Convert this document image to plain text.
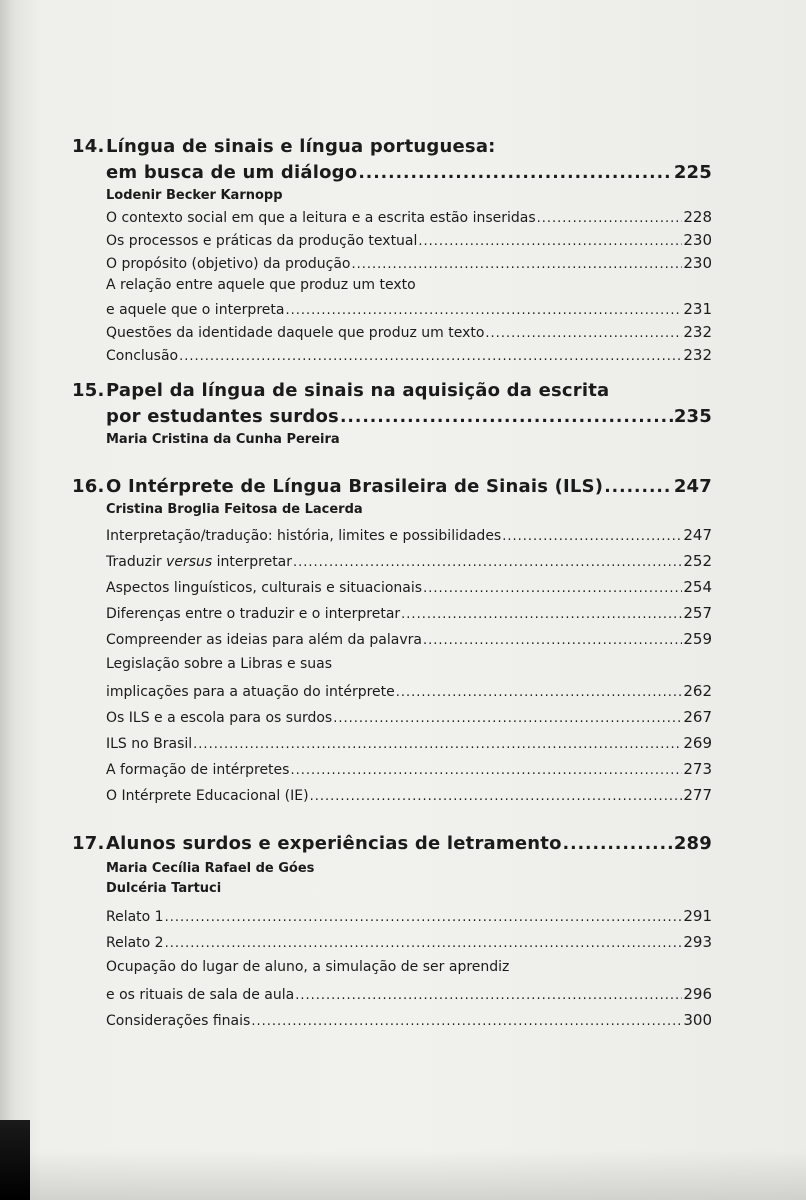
14. Língua de sinais e língua portuguesa:
em busca de um diálogo .....	225
Lodenir Becker Karnopp
O contexto social em que a leitura e a escrita estão inseridas .....	228
Os processos e práticas da produção textual .....	230
O propósito (objetivo) da produção .....	230
A relação entre aquele que produz um texto
e aquele que o interpreta .....	231
Questões da identidade daquele que produz um texto .....	232
Conclusão .....	232
15. Papel da língua de sinais na aquisição da escrita
por estudantes surdos .....	235
Maria Cristina da Cunha Pereira
16. O Intérprete de Língua Brasileira de Sinais (ILS) .....	247
Cristina Broglia Feitosa de Lacerda
Interpretação/tradução: história, limites e possibilidades .....	247
Traduzir versus interpretar .....	252
Aspectos linguísticos, culturais e situacionais .....	254
Diferenças entre o traduzir e o interpretar .....	257
Compreender as ideias para além da palavra .....	259
Legislação sobre a Libras e suas
implicações para a atuação do intérprete .....	262
Os ILS e a escola para os surdos .....	267
ILS no Brasil .....	269
A formação de intérpretes .....	273
O Intérprete Educacional (IE) .....	277
17. Alunos surdos e experiências de letramento .....	289
Maria Cecília Rafael de Góes
Dulcéria Tartuci
Relato 1 .....	291
Relato 2 .....	293
Ocupação do lugar de aluno, a simulação de ser aprendiz
e os rituais de sala de aula .....	296
Considerações finais .....	300
